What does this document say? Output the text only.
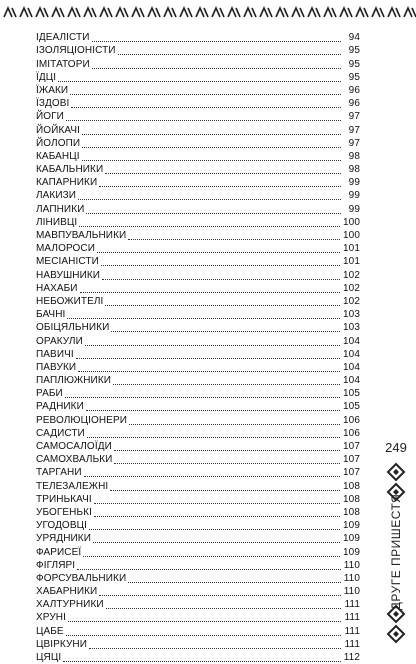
ІДЕАЛІСТИ	94
ІЗОЛЯЦІОНІСТИ	95
ІМІТАТОРИ	95
ЇДЦІ	95
ЇЖАКИ	96
ЇЗДОВІ	96
ЙОГИ	97
ЙОЙКАЧІ	97
ЙОЛОПИ	97
КАБАНЦІ	98
КАБАЛЬНИКИ	98
КАПАРНИКИ	99
ЛАКИЗИ	99
ЛАПНИКИ	99
ЛІНИВЦІ	100
МАВПУВАЛЬНИКИ	100
МАЛОРОСИ	101
МЕСІАНІСТИ	101
НАВУШНИКИ	102
НАХАБИ	102
НЕБОЖИТЕЛІ	102
БАЧНІ	103
ОБІЦЯЛЬНИКИ	103
ОРАКУЛИ	104
ПАВИЧІ	104
ПАВУКИ	104
ПАПЛЮЖНИКИ	104
РАБИ	105
РАДНИКИ	105
РЕВОЛЮЦІОНЕРИ	106
САДИСТИ	106
САМОСАЛОЇДИ	107
САМОХВАЛЬКИ	107
ТАРГАНИ	107
ТЕЛЕЗАЛЕЖНІ	108
ТРИНЬКАЧІ	108
УБОГЕНЬКІ	108
УГОДОВЦІ	109
УРЯДНИКИ	109
ФАРИСЕЇ	109
ФІГЛЯРІ	110
ФОРСУВАЛЬНИКИ	110
ХАБАРНИКИ	110
ХАЛТУРНИКИ	111
ХРУНІ	111
ЦАБЕ	111
ЦВІРКУНИ	111
ЦЯЦІ	112
249
ДРУГЕ ПРИШЕСТЯ
